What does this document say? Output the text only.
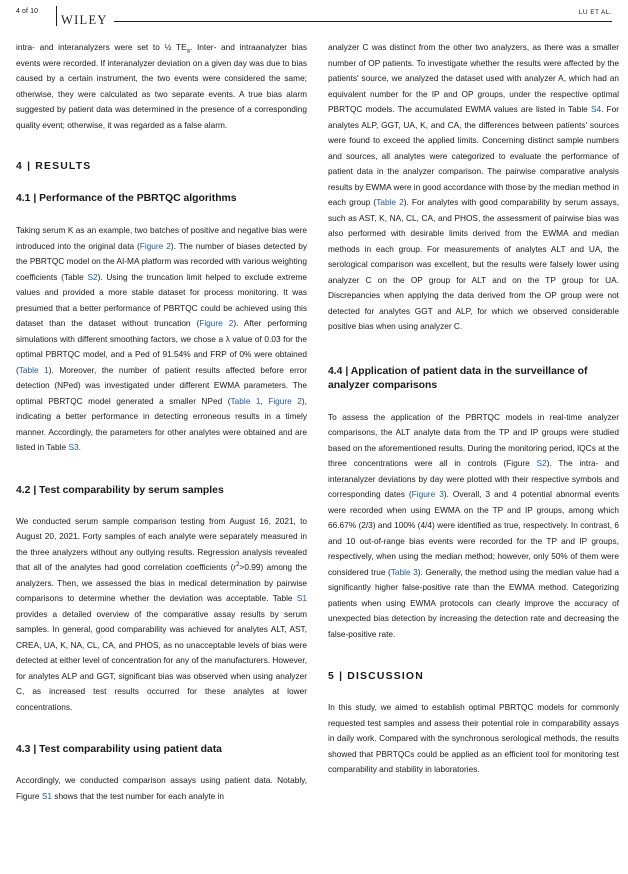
4 of 10
WILEY
LU ET AL.

intra- and interanalyzers were set to ½ $TE_a$. Inter- and intraanalyzer bias events were recorded. If interanalyzer deviation on a given day was due to bias caused by a certain instrument, the two events were considered the same; otherwise, they were calculated as two separate events. A true bias alarm suggested by patient data was determined in the presence of a corresponding quality event; otherwise, it was regarded as a false alarm.

4 | RESULTS
4.1 | Performance of the PBRTQC algorithms

Taking serum K as an example, two batches of positive and negative bias were introduced into the original data (Figure 2). The number of biases detected by the PBRTQC model on the AI-MA platform was recorded with various weighting coefficients (Table S2). Using the truncation limit helped to exclude extreme values and provided a more stable dataset for process monitoring. It was presumed that a better performance of PBRTQC could be achieved using this dataset than the dataset without truncation (Figure 2). After performing simulations with different smoothing factors, we chose a λ value of 0.03 for the optimal PBRTQC model, and a Ped of 91.54% and FRP of 0% were obtained (Table 1). Moreover, the number of patient results affected before error detection (NPed) was investigated under different EWMA parameters. The optimal PBRTQC model generated a smaller NPed (Table 1, Figure 2), indicating a better performance in detecting erroneous results in a timely manner. Accordingly, the parameters for other analytes were obtained and are listed in Table S3.

4.2 | Test comparability by serum samples

We conducted serum sample comparison testing from August 16, 2021, to August 20, 2021. Forty samples of each analyte were separately measured in the three analyzers without any outlying results. Regression analysis revealed that all of the analytes had good correlation coefficients $(r^2>0.99)$ among the analyzers. Then, we assessed the bias in medical determination by pairwise comparisons to determine whether the deviation was acceptable. Table S1 provides a detailed overview of the comparative assay results by serum samples. In general, good comparability was achieved for analytes ALT, AST, CREA, UA, K, NA, CL, CA, and PHOS, as no unacceptable levels of bias were detected at either level of concentration for any of the manufacturers. However, for analytes ALP and GGT, significant bias was observed when using analyzer C, as increased test results occurred for these analytes at lower concentrations.

4.3 | Test comparability using patient data

Accordingly, we conducted comparison assays using patient data. Notably, Figure S1 shows that the test number for each analyte in

analyzer C was distinct from the other two analyzers, as there was a smaller number of OP patients. To investigate whether the results were affected by the patients' source, we analyzed the dataset used with analyzer A, which had an equivalent number for the IP and OP groups, under the respective optimal PBRTQC models. The accumulated EWMA values are listed in Table S4. For analytes ALP, GGT, UA, K, and CA, the differences between patients' sources were found to exceed the applied limits. Concerning distinct sample numbers and sources, all analytes were categorized to evaluate the performance of patient data in the analyzer comparison. The pairwise comparative analysis results by EWMA were in good accordance with those by the median method in each group (Table 2). For analytes with good comparability by serum assays, such as AST, K, NA, CL, CA, and PHOS, the assessment of pairwise bias was also performed with desirable limits derived from the EWMA and median methods in each group. For measurements of analytes ALT and UA, the serological comparison was excellent, but the results were falsely lower using analyzer C on the OP group for ALT and on the TP group for UA. Discrepancies when applying the data derived from the OP group were not detected for analytes GGT and ALP, for which we observed considerable positive bias when using analyzer C.

4.4 | Application of patient data in the surveillance of analyzer comparisons

To assess the application of the PBRTQC models in real-time analyzer comparisons, the ALT analyte data from the TP and IP groups were studied based on the aforementioned results. During the monitoring period, IQCs at the three concentrations were all in controls (Figure S2). The intra- and interanalyzer deviations by day were plotted with their respective symbols and corresponding dates (Figure 3). Overall, 3 and 4 potential abnormal events were recorded when using EWMA on the TP and IP groups, among which 66.67% (2/3) and 100% (4/4) were identified as true, respectively. In contrast, 6 and 10 out-of-range bias events were recorded for the TP and IP groups, respectively, when using the median method; however, only 50% of them were considered true (Table 3). Generally, the method using the median value had a significantly higher false-positive rate than the EWMA method. Categorizing patients when using EWMA protocols can clearly improve the accuracy of unexpected bias detection by increasing the detection rate and decreasing the false-positive rate.

5 | DISCUSSION

In this study, we aimed to establish optimal PBRTQC models for commonly requested test samples and assess their potential role in comparability assays in daily work. Compared with the synchronous serological methods, the results showed that PBRTQCs could be applied as an efficient tool for monitoring test comparability and stability in laboratories.
